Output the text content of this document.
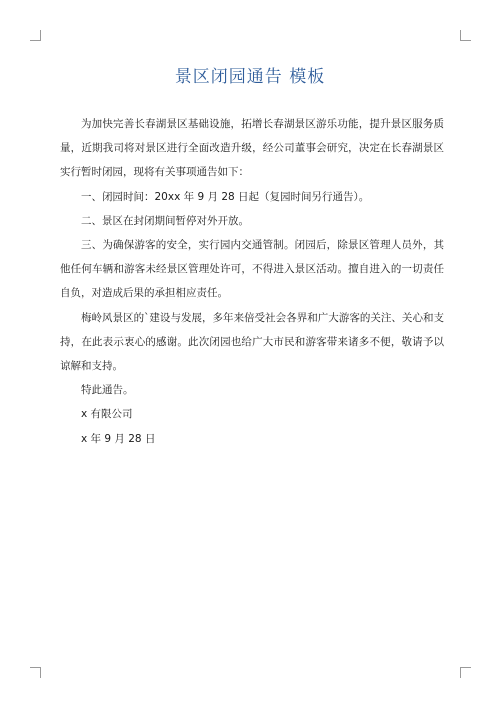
景区闭园通告 模板
为加快完善长春湖景区基础设施，拓增长春湖景区游乐功能，提升景区服务质量，近期我司将对景区进行全面改造升级，经公司董事会研究，决定在长春湖景区实行暂时闭园，现将有关事项通告如下：
一、闭园时间：20xx 年 9 月 28 日起（复园时间另行通告）。
二、景区在封闭期间暂停对外开放。
三、为确保游客的安全，实行园内交通管制。闭园后，除景区管理人员外，其他任何车辆和游客未经景区管理处许可，不得进入景区活动。擅自进入的一切责任自负，对造成后果的承担相应责任。
梅岭风景区的`建设与发展，多年来倍受社会各界和广大游客的关注、关心和支持，在此表示衷心的感谢。此次闭园也给广大市民和游客带来诸多不便，敬请予以谅解和支持。
特此通告。
x 有限公司
x 年 9 月 28 日
